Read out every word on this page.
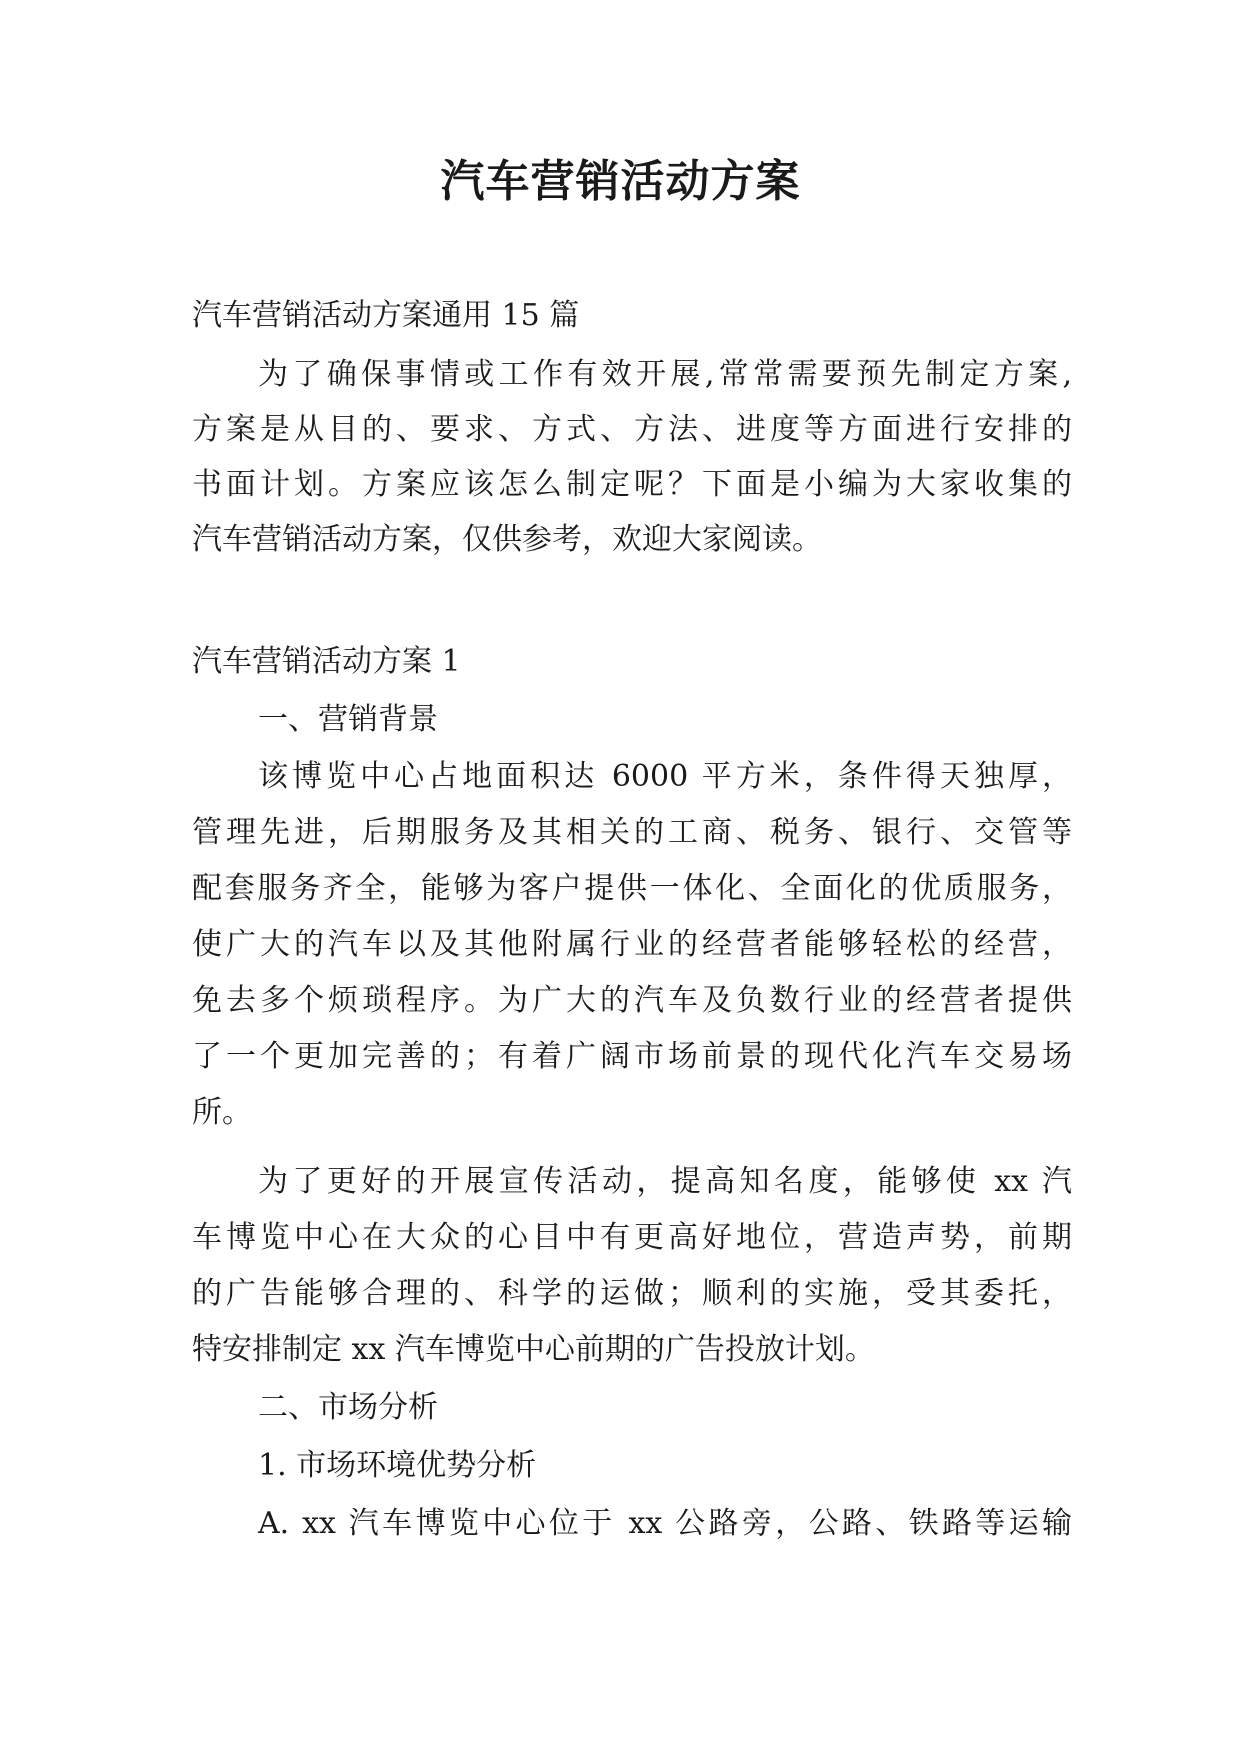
汽车营销活动方案

汽车营销活动方案通用 15 篇

为了确保事情或工作有效开展,常常需要预先制定方案,

方案是从目的、要求、方式、方法、进度等方面进行安排的

书面计划。方案应该怎么制定呢？下面是小编为大家收集的

汽车营销活动方案，仅供参考，欢迎大家阅读。

汽车营销活动方案 1

一、营销背景

该博览中心占地面积达 6000 平方米，条件得天独厚，

管理先进，后期服务及其相关的工商、税务、银行、交管等

配套服务齐全，能够为客户提供一体化、全面化的优质服务，

使广大的汽车以及其他附属行业的经营者能够轻松的经营，

免去多个烦琐程序。为广大的汽车及负数行业的经营者提供

了一个更加完善的；有着广阔市场前景的现代化汽车交易场

所。

为了更好的开展宣传活动，提高知名度，能够使 xx 汽

车博览中心在大众的心目中有更高好地位，营造声势，前期

的广告能够合理的、科学的运做；顺利的实施，受其委托，

特安排制定 xx 汽车博览中心前期的广告投放计划。

二、市场分析

1. 市场环境优势分析

A. xx 汽车博览中心位于 xx 公路旁，公路、铁路等运输
